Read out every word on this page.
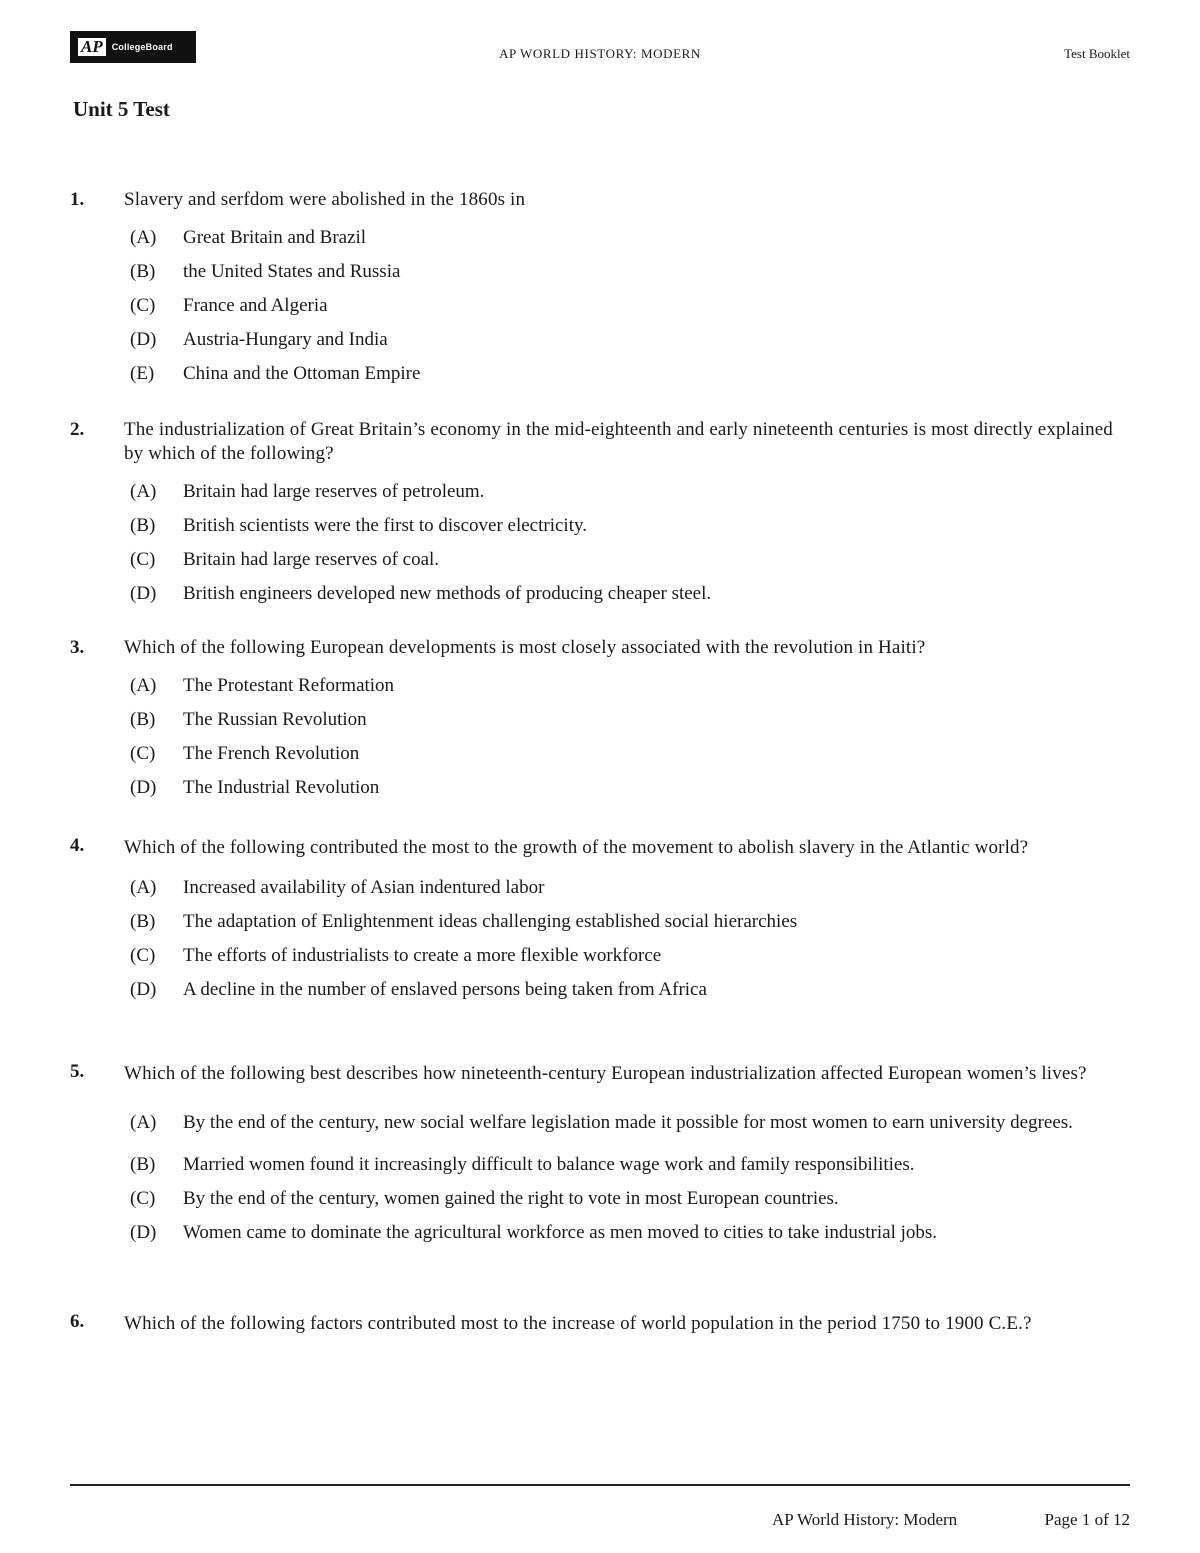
AP	CollegeBoard	AP WORLD HISTORY: MODERN	Test Booklet
Unit 5 Test
1.	Slavery and serfdom were abolished in the 1860s in
(A)	Great Britain and Brazil
(B)	the United States and Russia
(C)	France and Algeria
(D)	Austria-Hungary and India
(E)	China and the Ottoman Empire
2.	The industrialization of Great Britain’s economy in the mid-eighteenth and early nineteenth centuries is most directly explained by which of the following?
(A)	Britain had large reserves of petroleum.
(B)	British scientists were the first to discover electricity.
(C)	Britain had large reserves of coal.
(D)	British engineers developed new methods of producing cheaper steel.
3.	Which of the following European developments is most closely associated with the revolution in Haiti?
(A)	The Protestant Reformation
(B)	The Russian Revolution
(C)	The French Revolution
(D)	The Industrial Revolution
4.	Which of the following contributed the most to the growth of the movement to abolish slavery in the Atlantic world?
(A)	Increased availability of Asian indentured labor
(B)	The adaptation of Enlightenment ideas challenging established social hierarchies
(C)	The efforts of industrialists to create a more flexible workforce
(D)	A decline in the number of enslaved persons being taken from Africa
5.	Which of the following best describes how nineteenth-century European industrialization affected European women’s lives?
(A)	By the end of the century, new social welfare legislation made it possible for most women to earn university degrees.
(B)	Married women found it increasingly difficult to balance wage work and family responsibilities.
(C)	By the end of the century, women gained the right to vote in most European countries.
(D)	Women came to dominate the agricultural workforce as men moved to cities to take industrial jobs.
6.	Which of the following factors contributed most to the increase of world population in the period 1750 to 1900 C.E.?
AP World History: Modern	Page 1 of 12
